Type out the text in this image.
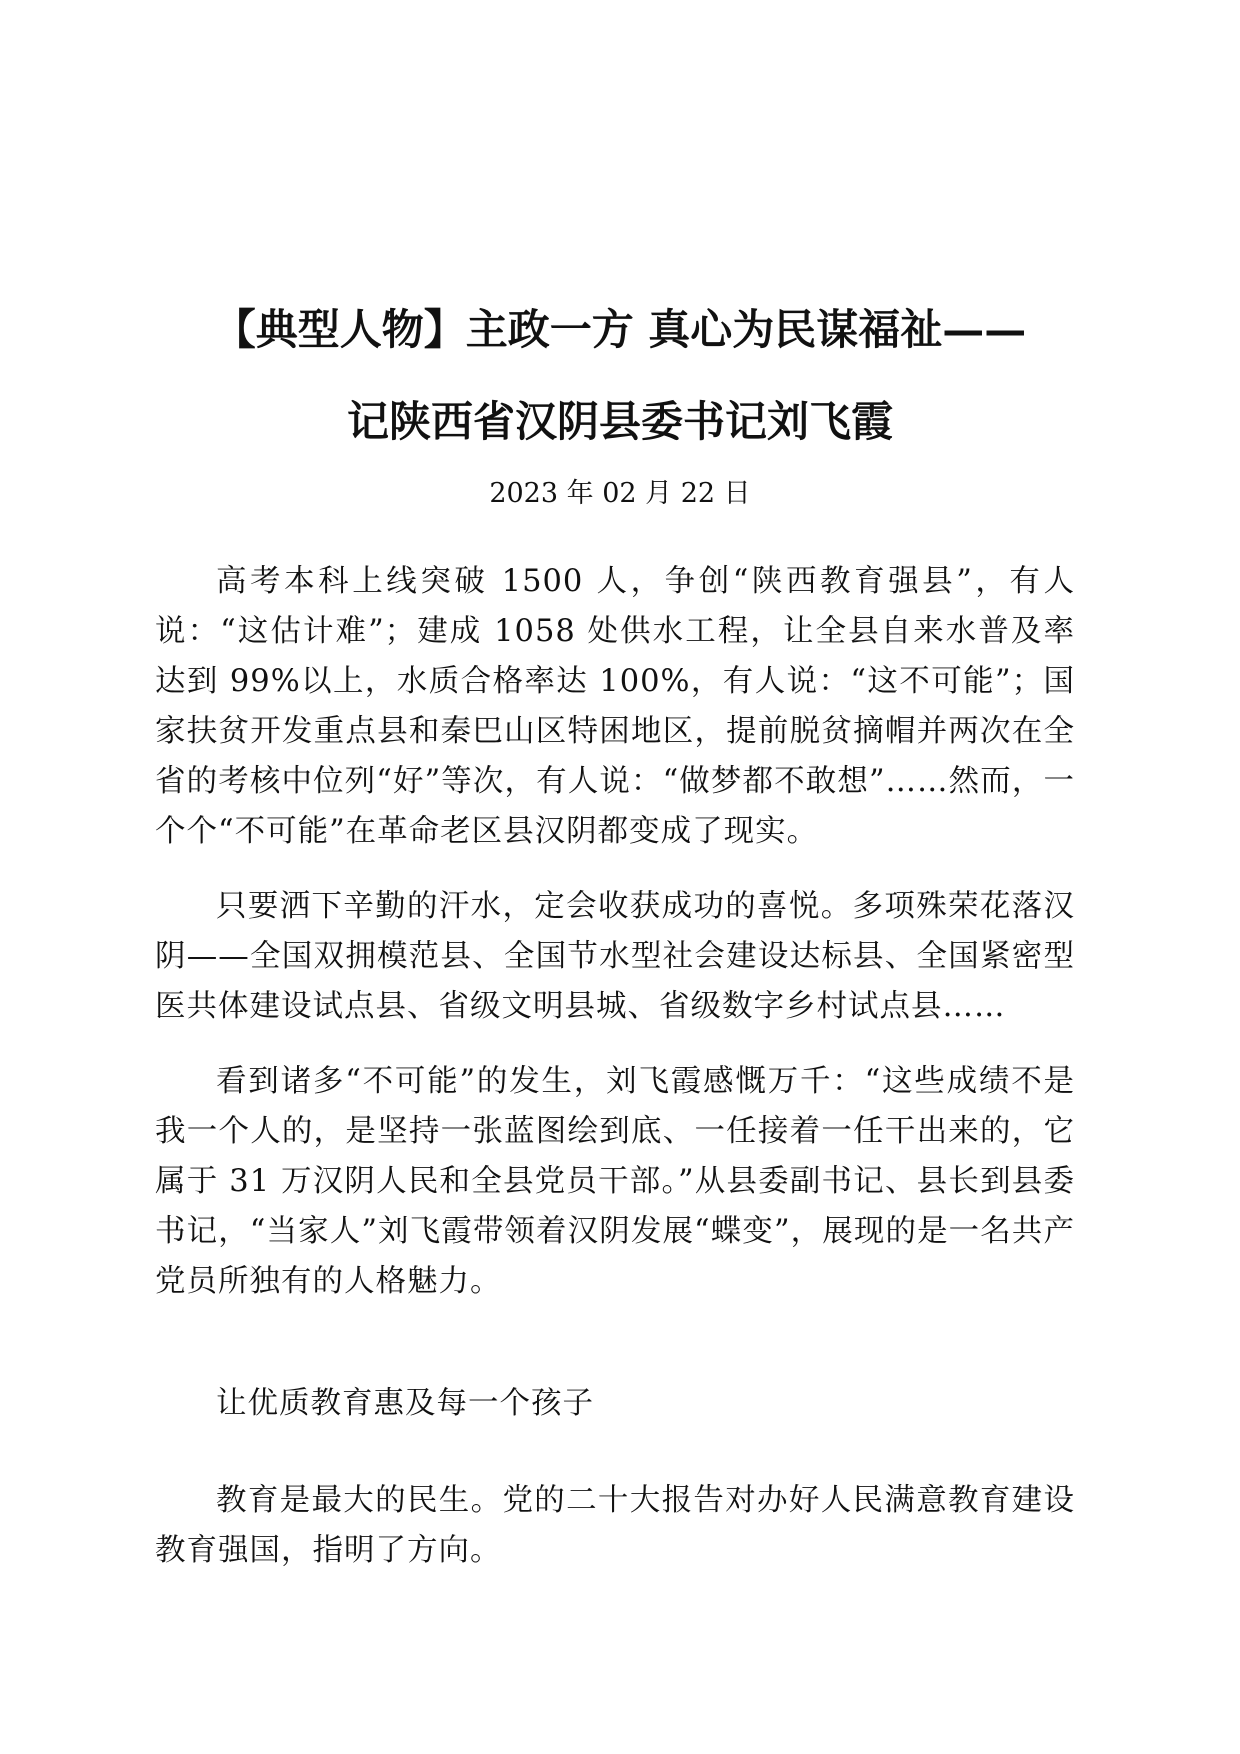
【典型人物】主政一方 真心为民谋福祉——
记陕西省汉阴县委书记刘飞霞

2023 年 02 月 22 日

高考本科上线突破 1500 人，争创“陕西教育强县”，有人说：“这估计难”；建成 1058 处供水工程，让全县自来水普及率达到 99%以上，水质合格率达 100%，有人说：“这不可能”；国家扶贫开发重点县和秦巴山区特困地区，提前脱贫摘帽并两次在全省的考核中位列“好”等次，有人说：“做梦都不敢想”……然而，一个个“不可能”在革命老区县汉阴都变成了现实。

只要洒下辛勤的汗水，定会收获成功的喜悦。多项殊荣花落汉阴——全国双拥模范县、全国节水型社会建设达标县、全国紧密型医共体建设试点县、省级文明县城、省级数字乡村试点县……

看到诸多“不可能”的发生，刘飞霞感慨万千：“这些成绩不是我一个人的，是坚持一张蓝图绘到底、一任接着一任干出来的，它属于 31 万汉阴人民和全县党员干部。”从县委副书记、县长到县委书记，“当家人”刘飞霞带领着汉阴发展“蝶变”，展现的是一名共产党员所独有的人格魅力。

让优质教育惠及每一个孩子

教育是最大的民生。党的二十大报告对办好人民满意教育建设教育强国，指明了方向。
